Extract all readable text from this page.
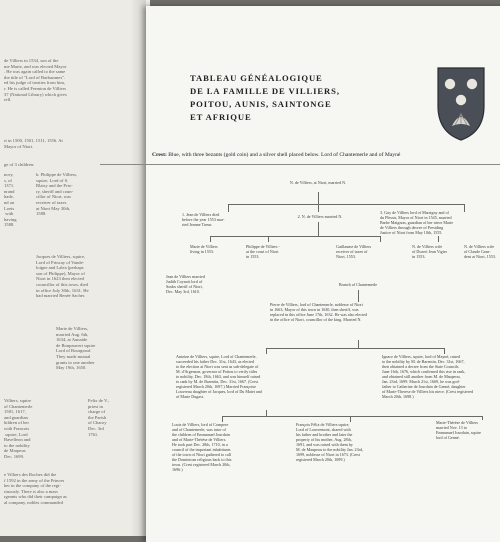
de Villiers in 1534, son of the
me Marie, and was elected Mayor
. He was again called to the same
the title of "Lord of Barbazanes".
ed his judge of treaties from him,
r. He is called Fermion de Villiers
37 (National Library) which gives
rell.
rt in 1500, 1501, 1511, 1556. At
Mayor of Niort.
ge of 3 children:
ncey,
s, of
1371.
nrand
hade,
nd on
Loeis
with
having
1588.
b. Philippe de Villiers,
squire, Lord of S.
Blaisy and the Prio-
ry, sheriff and coun-
cillor of Niort, was
receiver of taxes
at Niort May 30th,
1588.
Jacques de Villiers, squire,
Lord of Princay of Vande-
loigne and Lalea (perhaps
son of Philippe), Mayor of
Niort in 1623 then elected
councillor of this town, died
in office July 30th, 1631. He
had married Renée Sacher.
Marie de Villiers,
married Aug. 6th,
1634, at Aunaide
de Bonpauvert squire
Lord of Bourgeauf.
They made mutual
grants to one another
May 19th, 1650.
Villiers, squire
of Chantemerle
1581, 1617,
and guardian
hildren of her
with Francois
squire, Lord
Bavelleon and
to the nobility
de Marpeus
Dec. 1699.
Felix de V.,
priest in
charge of
the Parish
of Charoy
Dec. 3rd
1761.
e Villiers des Roches did the
f 1592 in the army of the Princes
her in the company of the regi-
rtuously. There is also a mass
rgeants who did their campaign as
al company, nobles commanded
TABLEAU GÉNÉALOGIQUE
DE LA FAMILLE DE VILLIERS,
POITOU, AUNIS, SAINTONGE
ET AFRIQUE
Crest: Blue, with three bezants (gold coin) and a silver shell placed below. Lord of Chantemerle and of Mayné
N. de Villiers, at Niort, married N.
1. Jean de Villiers died
before the year 1553 mar-
ried Jeanne Tireur.
2. N. de Villiers married N.
3. Guy de Villiers lord of Marrigny and of
du Plessis, Mayor of Niort in 1545, married
Barbe Maignon, guardian of her niece Marie
de Villiers through decree of Presiding
Justice of Niort from May 10th, 1555.
Marie de Villiers
living in 1553.
Philippe de Villiers -
at the court of Niort
in 1553.
Guillaume de Villiers
receiver of taxes of
Niort, 1553.
N. de Villiers wife
of Dozeri Jean Vigier
in 1553.
N. de Villiers wife
of Claude Gran-
dent at Niort, 1553.
Jean de Villiers married
Judith Coynoit lord of
Soubs sheriff of Niort,
Dec. May 3rd, 1610.
Branch of Chantemerle
Pierre de Villiers, lord of Chantemerle, noblesse of Niort
in 1663, Mayor of this town in 1630, then sheriff, was
replaced in this office June 17th, 1632. He was also elected
in the office of Niort, councillor of the king. Married N.
Antoine de Villiers, squire, Lord of Chantemerle,
succeeded his father Dec. 31st, 1643, as elected
to the election at Niort was sent as sub-delegate of
M. d'Argenson, governor of Poitou to verify titles
to nobility, Dec. 18th, 1663, and was himself raised
to rank by M. de Barentin, Dec. 31st, 1667. (Crest
registered March 20th, 1697.) Married Françoise
Louvreau daughter of Jacques, lord of Du Matet and
of Marie Dugast.
Ignace de Villiers, squire, lord of Mayné, raised
to the nobility by M. de Barentin, Dec. 31st, 1667,
then obtained a decree from the State Councils
June 16th, 1676, which confirmed this rise in rank,
and obtained still another from M. de Maupeou,
Jan. 23rd, 1699. March 21st, 1669, he was god-
father to Catherine de Jourdain de Genné, daughter
of Marie-Therese de Villiers his niece. (Crest registered
March 20th, 1698.)
Louis de Villiers, lord of Compere
and of Chantemerle, was tutor of
the children of Emmanuel Jourdain
and of Marie-Thérèse de Villiers.
He took part Dec. 28th, 1710, in a
council of the important inhabitants
of the town of Niort gathered to call
the Dominican religious back to this
town. (Crest registered March 20th,
1696.)
François Félix de Villiers squire,
Lord of Louvremont, shared with
his father and brother and later the
property of his mother, Aug. 28th,
1691, and was raised with them by
M. de Maupeou to the nobility Jan. 23rd,
1699, noblesse of Niort in 1673. (Crest
registered March 20th, 1699.)
Marie-Thérèse de Villiers
married Nov. 13 to
Emmanuel Jourdain, squire
lord of Genné.
